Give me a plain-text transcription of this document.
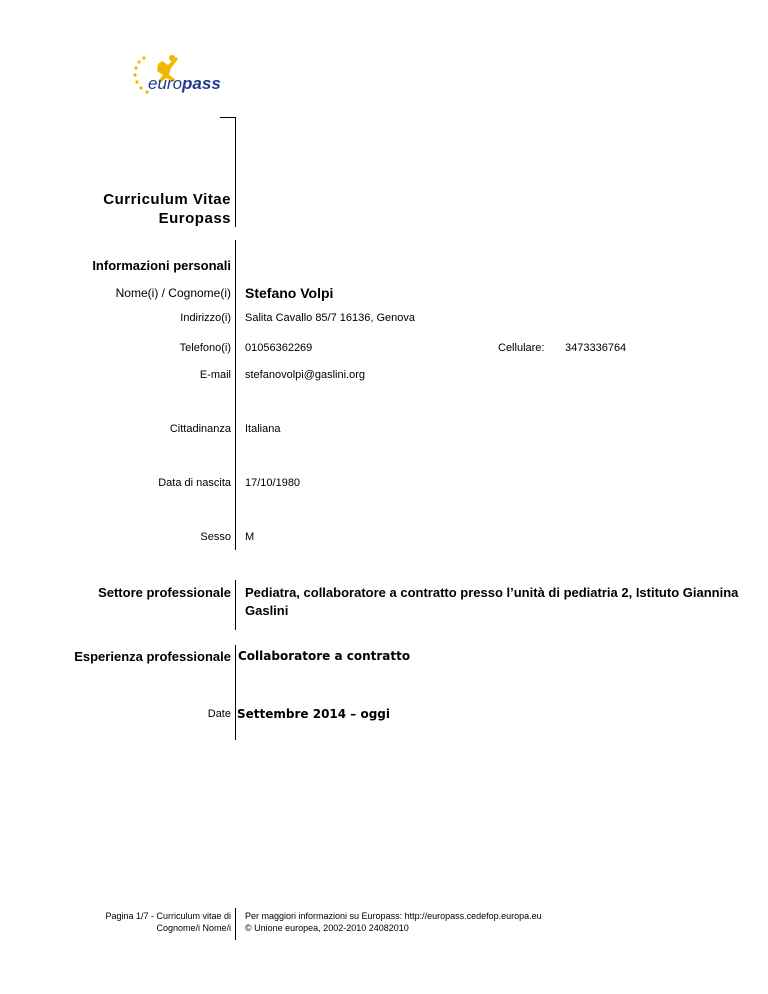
europass
Curriculum Vitae
Europass
Informazioni personali
Nome(i) / Cognome(i) Stefano Volpi
Indirizzo(i) Salita Cavallo 85/7 16136, Genova
Telefono(i) 01056362269	Cellulare: 3473336764
E-mail stefanovolpi@gaslini.org
Cittadinanza Italiana
Data di nascita 17/10/1980
Sesso M
Settore professionale Pediatra, collaboratore a contratto presso l’unità di pediatria 2, Istituto Giannina
Gaslini
Esperienza professionale Collaboratore a contratto
Date Settembre 2014 – oggi
Pagina 1/7 - Curriculum vitae di
Cognome/i Nome/i
Per maggiori informazioni su Europass: http://europass.cedefop.europa.eu
© Unione europea, 2002-2010 24082010
